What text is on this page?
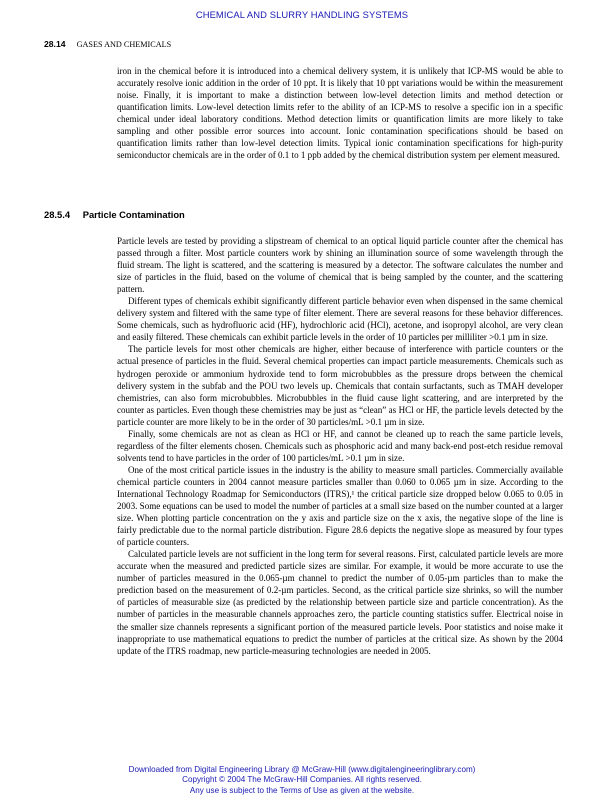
CHEMICAL AND SLURRY HANDLING SYSTEMS
28.14 GASES AND CHEMICALS

iron in the chemical before it is introduced into a chemical delivery system, it is unlikely that ICP-MS would be able to accurately resolve ionic addition in the order of 10 ppt. It is likely that 10 ppt variations would be within the measurement noise. Finally, it is important to make a distinction between low-level detection limits and method detection or quantification limits. Low-level detection limits refer to the ability of an ICP-MS to resolve a specific ion in a specific chemical under ideal laboratory conditions. Method detection limits or quantification limits are more likely to take sampling and other possible error sources into account. Ionic contamination specifications should be based on quantification limits rather than low-level detection limits. Typical ionic contamination specifications for high-purity semiconductor chemicals are in the order of 0.1 to 1 ppb added by the chemical distribution system per element measured.

28.5.4 Particle Contamination

Particle levels are tested by providing a slipstream of chemical to an optical liquid particle counter after the chemical has passed through a filter. Most particle counters work by shining an illumination source of some wavelength through the fluid stream. The light is scattered, and the scattering is measured by a detector. The software calculates the number and size of particles in the fluid, based on the volume of chemical that is being sampled by the counter, and the scattering pattern.

Different types of chemicals exhibit significantly different particle behavior even when dispensed in the same chemical delivery system and filtered with the same type of filter element. There are several reasons for these behavior differences. Some chemicals, such as hydrofluoric acid (HF), hydrochloric acid (HCl), acetone, and isopropyl alcohol, are very clean and easily filtered. These chemicals can exhibit particle levels in the order of 10 particles per milliliter >0.1 µm in size.

The particle levels for most other chemicals are higher, either because of interference with particle counters or the actual presence of particles in the fluid. Several chemical properties can impact particle measurements. Chemicals such as hydrogen peroxide or ammonium hydroxide tend to form microbubbles as the pressure drops between the chemical delivery system in the subfab and the POU two levels up. Chemicals that contain surfactants, such as TMAH developer chemistries, can also form microbubbles. Microbubbles in the fluid cause light scattering, and are interpreted by the counter as particles. Even though these chemistries may be just as “clean” as HCl or HF, the particle levels detected by the particle counter are more likely to be in the order of 30 particles/mL >0.1 µm in size.

Finally, some chemicals are not as clean as HCl or HF, and cannot be cleaned up to reach the same particle levels, regardless of the filter elements chosen. Chemicals such as phosphoric acid and many back-end post-etch residue removal solvents tend to have particles in the order of 100 particles/mL >0.1 µm in size.

One of the most critical particle issues in the industry is the ability to measure small particles. Commercially available chemical particle counters in 2004 cannot measure particles smaller than 0.060 to 0.065 µm in size. According to the International Technology Roadmap for Semiconductors (ITRS),¹ the critical particle size dropped below 0.065 to 0.05 in 2003. Some equations can be used to model the number of particles at a small size based on the number counted at a larger size. When plotting particle concentration on the y axis and particle size on the x axis, the negative slope of the line is fairly predictable due to the normal particle distribution. Figure 28.6 depicts the negative slope as measured by four types of particle counters.

Calculated particle levels are not sufficient in the long term for several reasons. First, calculated particle levels are more accurate when the measured and predicted particle sizes are similar. For example, it would be more accurate to use the number of particles measured in the 0.065-µm channel to predict the number of 0.05-µm particles than to make the prediction based on the measurement of 0.2-µm particles. Second, as the critical particle size shrinks, so will the number of particles of measurable size (as predicted by the relationship between particle size and particle concentration). As the number of particles in the measurable channels approaches zero, the particle counting statistics suffer. Electrical noise in the smaller size channels represents a significant portion of the measured particle levels. Poor statistics and noise make it inappropriate to use mathematical equations to predict the number of particles at the critical size. As shown by the 2004 update of the ITRS roadmap, new particle-measuring technologies are needed in 2005.

Downloaded from Digital Engineering Library @ McGraw-Hill (www.digitalengineeringlibrary.com)
Copyright © 2004 The McGraw-Hill Companies. All rights reserved.
Any use is subject to the Terms of Use as given at the website.
